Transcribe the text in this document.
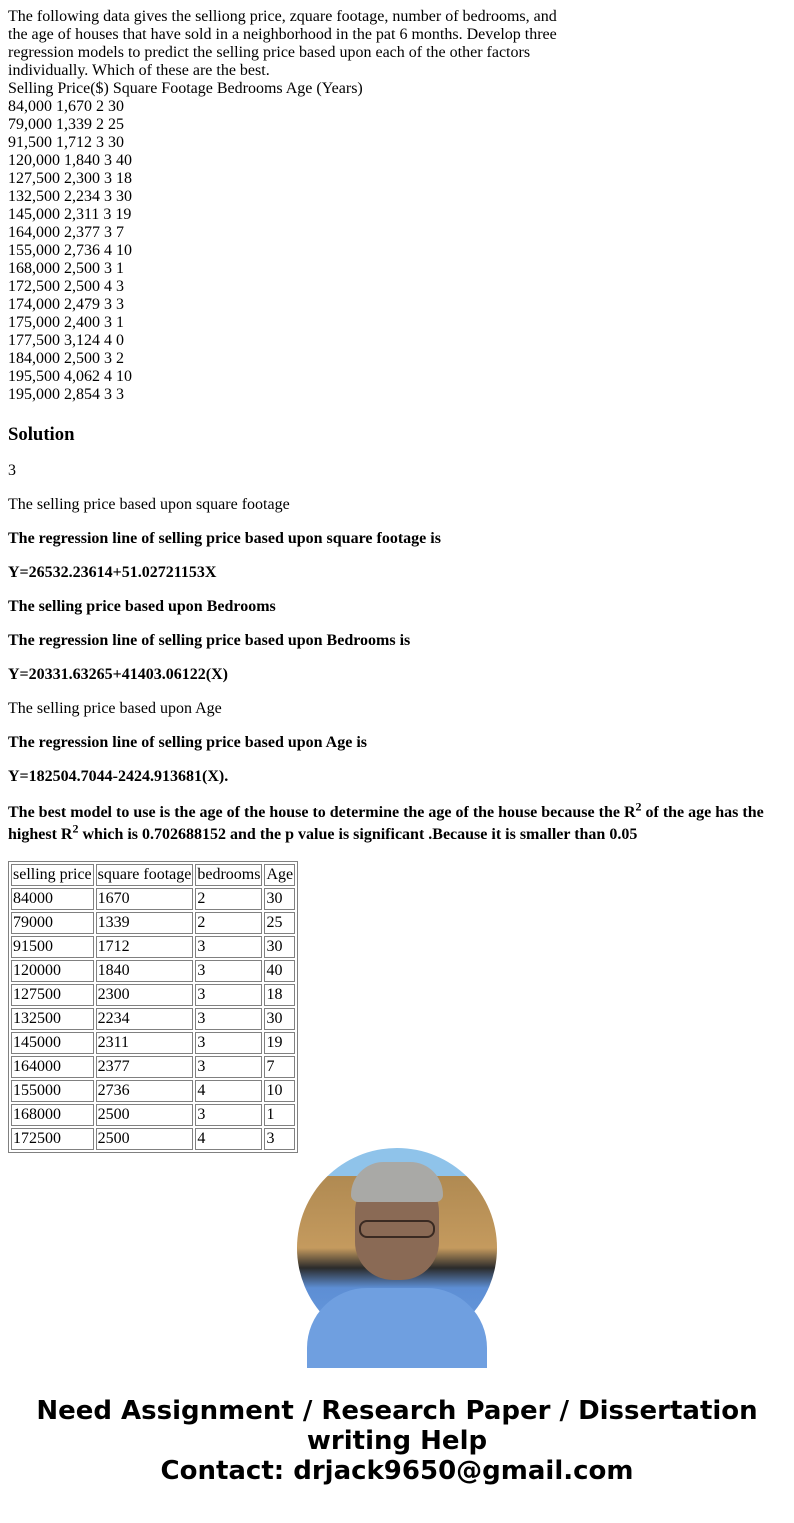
The following data gives the selliong price, zquare footage, number of bedrooms, and
the age of houses that have sold in a neighborhood in the pat 6 months. Develop three
regression models to predict the selling price based upon each of the other factors
individually. Which of these are the best.
Selling Price($) Square Footage Bedrooms Age (Years)
84,000 1,670 2 30
79,000 1,339 2 25
91,500 1,712 3 30
120,000 1,840 3 40
127,500 2,300 3 18
132,500 2,234 3 30
145,000 2,311 3 19
164,000 2,377 3 7
155,000 2,736 4 10
168,000 2,500 3 1
172,500 2,500 4 3
174,000 2,479 3 3
175,000 2,400 3 1
177,500 3,124 4 0
184,000 2,500 3 2
195,500 4,062 4 10
195,000 2,854 3 3
Solution

3

The selling price based upon square footage

The regression line of selling price based upon square footage is

Y=26532.23614+51.02721153X

The selling price based upon Bedrooms

The regression line of selling price based upon Bedrooms is

Y=20331.63265+41403.06122(X)

The selling price based upon Age

The regression line of selling price based upon Age is

Y=182504.7044-2424.913681(X).

The best model to use is the age of the house to determine the age of the house because the $R^2$ of the age has the highest $R^2$ which is 0.702688152 and the p value is significant .Because it is smaller than 0.05

selling price	square footage	bedrooms	Age
84000	1670	2	30
79000	1339	2	25
91500	1712	3	30
120000	1840	3	40
127500	2300	3	18
132500	2234	3	30
145000	2311	3	19
164000	2377	3	7
155000	2736	4	10
168000	2500	3	1
172500	2500	4	3
Need Assignment / Research Paper / Dissertation writing Help
Contact: drjack9650@gmail.com
